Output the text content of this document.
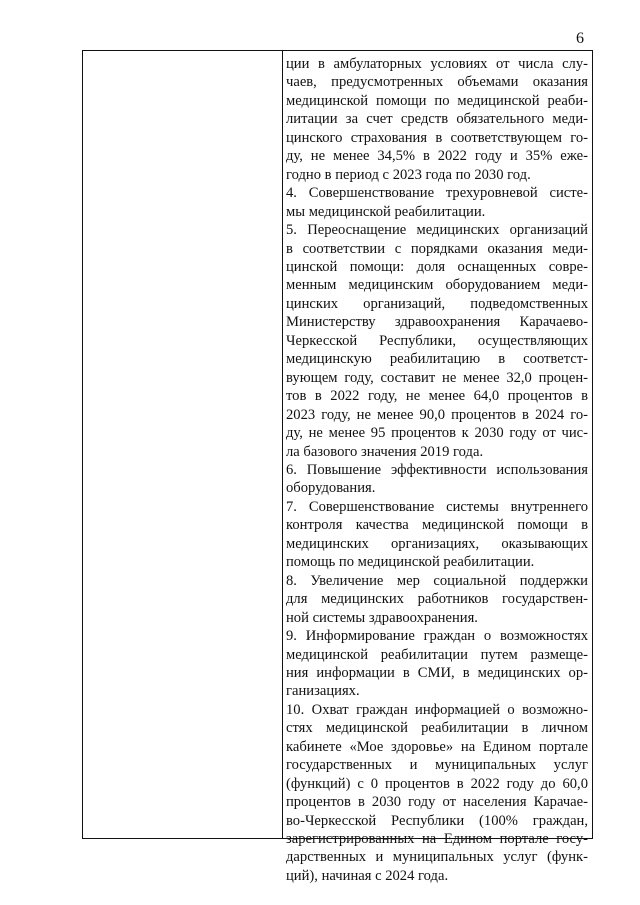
6
ции в амбулаторных условиях от числа слу-
чаев, предусмотренных объемами оказания
медицинской помощи по медицинской реаби-
литации за счет средств обязательного меди-
цинского страхования в соответствующем го-
ду, не менее 34,5% в 2022 году и 35% еже-
годно в период с 2023 года по 2030 год.
4. Совершенствование трехуровневой систе-
мы медицинской реабилитации.
5. Переоснащение медицинских организаций
в соответствии с порядками оказания меди-
цинской помощи: доля оснащенных совре-
менным медицинским оборудованием меди-
цинских организаций, подведомственных
Министерству здравоохранения Карачаево-
Черкесской Республики, осуществляющих
медицинскую реабилитацию в соответст-
вующем году, составит не менее 32,0 процен-
тов в 2022 году, не менее 64,0 процентов в
2023 году, не менее 90,0 процентов в 2024 го-
ду, не менее 95 процентов к 2030 году от чис-
ла базового значения 2019 года.
6. Повышение эффективности использования
оборудования.
7. Совершенствование системы внутреннего
контроля качества медицинской помощи в
медицинских организациях, оказывающих
помощь по медицинской реабилитации.
8. Увеличение мер социальной поддержки
для медицинских работников государствен-
ной системы здравоохранения.
9. Информирование граждан о возможностях
медицинской реабилитации путем размеще-
ния информации в СМИ, в медицинских ор-
ганизациях.
10. Охват граждан информацией о возможно-
стях медицинской реабилитации в личном
кабинете «Мое здоровье» на Едином портале
государственных и муниципальных услуг
(функций) с 0 процентов в 2022 году до 60,0
процентов в 2030 году от населения Карачае-
во-Черкесской Республики (100% граждан,
зарегистрированных на Едином портале госу-
дарственных и муниципальных услуг (функ-
ций), начиная с 2024 года.
